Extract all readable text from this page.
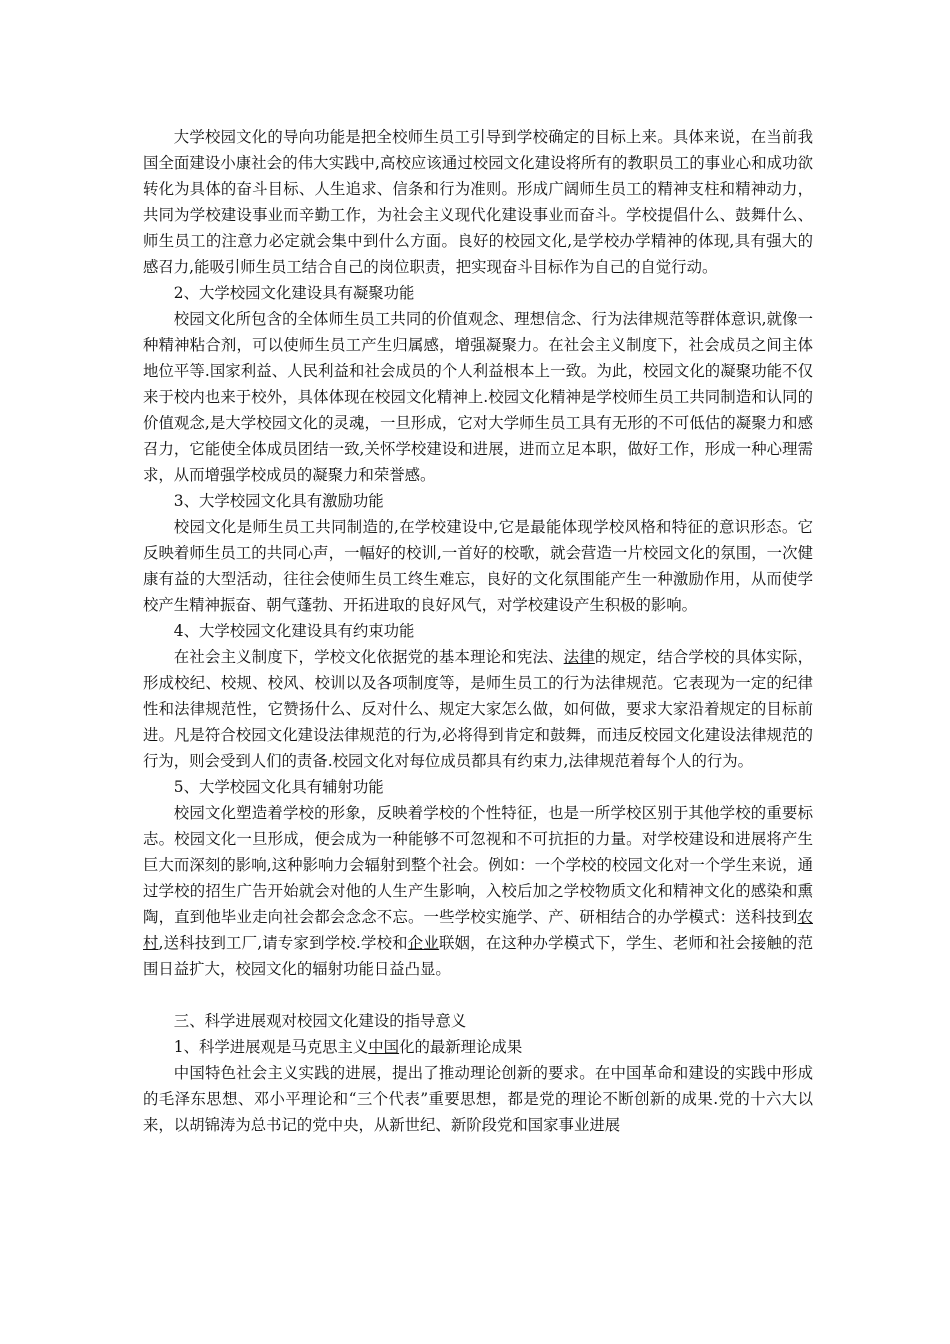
大学校园文化的导向功能是把全校师生员工引导到学校确定的目标上来。具体来说，在当前我国全面建设小康社会的伟大实践中,高校应该通过校园文化建设将所有的教职员工的事业心和成功欲转化为具体的奋斗目标、人生追求、信条和行为准则。形成广阔师生员工的精神支柱和精神动力，共同为学校建设事业而辛勤工作，为社会主义现代化建设事业而奋斗。学校提倡什么、鼓舞什么、师生员工的注意力必定就会集中到什么方面。良好的校园文化,是学校办学精神的体现,具有强大的感召力,能吸引师生员工结合自己的岗位职责，把实现奋斗目标作为自己的自觉行动。

2、大学校园文化建设具有凝聚功能

校园文化所包含的全体师生员工共同的价值观念、理想信念、行为法律规范等群体意识,就像一种精神粘合剂，可以使师生员工产生归属感，增强凝聚力。在社会主义制度下，社会成员之间主体地位平等.国家利益、人民利益和社会成员的个人利益根本上一致。为此，校园文化的凝聚功能不仅来于校内也来于校外，具体体现在校园文化精神上.校园文化精神是学校师生员工共同制造和认同的价值观念,是大学校园文化的灵魂，一旦形成，它对大学师生员工具有无形的不可低估的凝聚力和感召力，它能使全体成员团结一致,关怀学校建设和进展，进而立足本职，做好工作，形成一种心理需求，从而增强学校成员的凝聚力和荣誉感。

3、大学校园文化具有激励功能

校园文化是师生员工共同制造的,在学校建设中,它是最能体现学校风格和特征的意识形态。它反映着师生员工的共同心声，一幅好的校训,一首好的校歌，就会营造一片校园文化的氛围，一次健康有益的大型活动，往往会使师生员工终生难忘，良好的文化氛围能产生一种激励作用，从而使学校产生精神振奋、朝气蓬勃、开拓进取的良好风气，对学校建设产生积极的影响。

4、大学校园文化建设具有约束功能

在社会主义制度下，学校文化依据党的基本理论和宪法、法律的规定，结合学校的具体实际，形成校纪、校规、校风、校训以及各项制度等，是师生员工的行为法律规范。它表现为一定的纪律性和法律规范性，它赞扬什么、反对什么、规定大家怎么做，如何做，要求大家沿着规定的目标前进。凡是符合校园文化建设法律规范的行为,必将得到肯定和鼓舞，而违反校园文化建设法律规范的行为，则会受到人们的责备.校园文化对每位成员都具有约束力,法律规范着每个人的行为。

5、大学校园文化具有辅射功能

校园文化塑造着学校的形象，反映着学校的个性特征，也是一所学校区别于其他学校的重要标志。校园文化一旦形成，便会成为一种能够不可忽视和不可抗拒的力量。对学校建设和进展将产生巨大而深刻的影响,这种影响力会辐射到整个社会。例如：一个学校的校园文化对一个学生来说，通过学校的招生广告开始就会对他的人生产生影响，入校后加之学校物质文化和精神文化的感染和熏陶，直到他毕业走向社会都会念念不忘。一些学校实施学、产、研相结合的办学模式：送科技到农村,送科技到工厂,请专家到学校.学校和企业联姻，在这种办学模式下，学生、老师和社会接触的范围日益扩大，校园文化的辐射功能日益凸显。

三、科学进展观对校园文化建设的指导意义

1、科学进展观是马克思主义中国化的最新理论成果

中国特色社会主义实践的进展，提出了推动理论创新的要求。在中国革命和建设的实践中形成的毛泽东思想、邓小平理论和“三个代表”重要思想，都是党的理论不断创新的成果.党的十六大以来，以胡锦涛为总书记的党中央，从新世纪、新阶段党和国家事业进展
